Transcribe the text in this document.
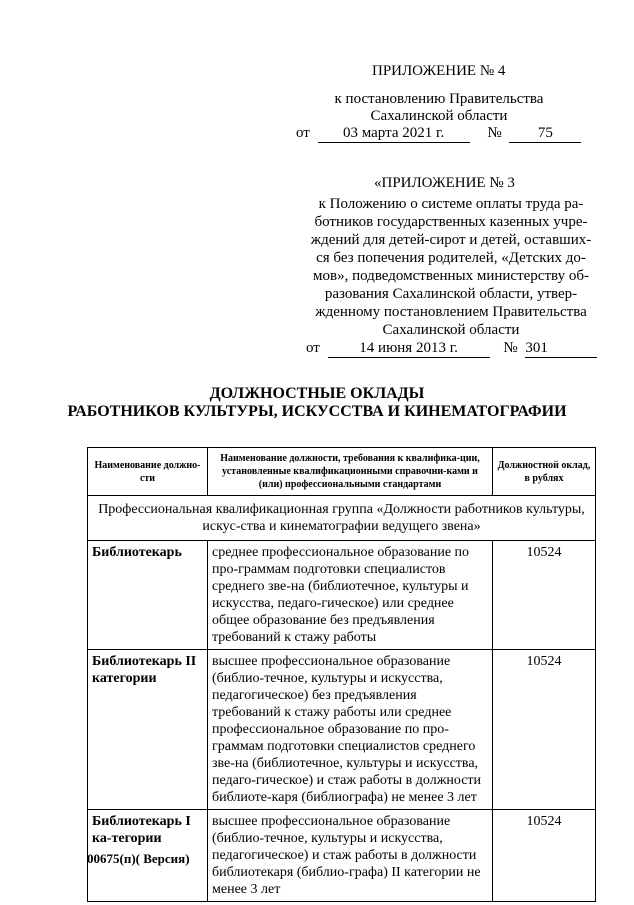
ПРИЛОЖЕНИЕ № 4
к постановлению Правительства
Сахалинской области
от 03 марта 2021 г.	№ 75
«ПРИЛОЖЕНИЕ № 3
к Положению о системе оплаты труда ра-
ботников государственных казенных учре-
ждений для детей-сирот и детей, оставших-
ся без попечения родителей, «Детских до-
мов», подведомственных министерству об-
разования Сахалинской области, утвер-
жденному постановлением Правительства
Сахалинской области
от	14 июня 2013 г.	№ 301
ДОЛЖНОСТНЫЕ ОКЛАДЫ
РАБОТНИКОВ КУЛЬТУРЫ, ИСКУССТВА И КИНЕМАТОГРАФИИ
Наименование должно-сти	Наименование должности, требования к квалифика-ции, установленные квалификационными справочни-ками и (или) профессиональными стандартами	Должностной оклад, в рублях
Профессиональная квалификационная группа «Должности работников культуры, искус-ства и кинематографии ведущего звена»		
Библиотекарь	среднее профессиональное образование по про-граммам подготовки специалистов среднего зве-на (библиотечное, культуры и искусства, педаго-гическое) или среднее общее образование без предъявления требований к стажу работы	10524
Библиотекарь II категории	высшее профессиональное образование (библио-течное, культуры и искусства, педагогическое) без предъявления требований к стажу работы или среднее профессиональное образование по про-граммам подготовки специалистов среднего зве-на (библиотечное, культуры и искусства, педаго-гическое) и стаж работы в должности библиоте-каря (библиографа) не менее 3 лет	10524
Библиотекарь I ка-тегории	высшее профессиональное образование (библио-течное, культуры и искусства, педагогическое) и стаж работы в должности библиотекаря (библио-графа) II категории не менее 3 лет	10524
00675(п)( Версия)
